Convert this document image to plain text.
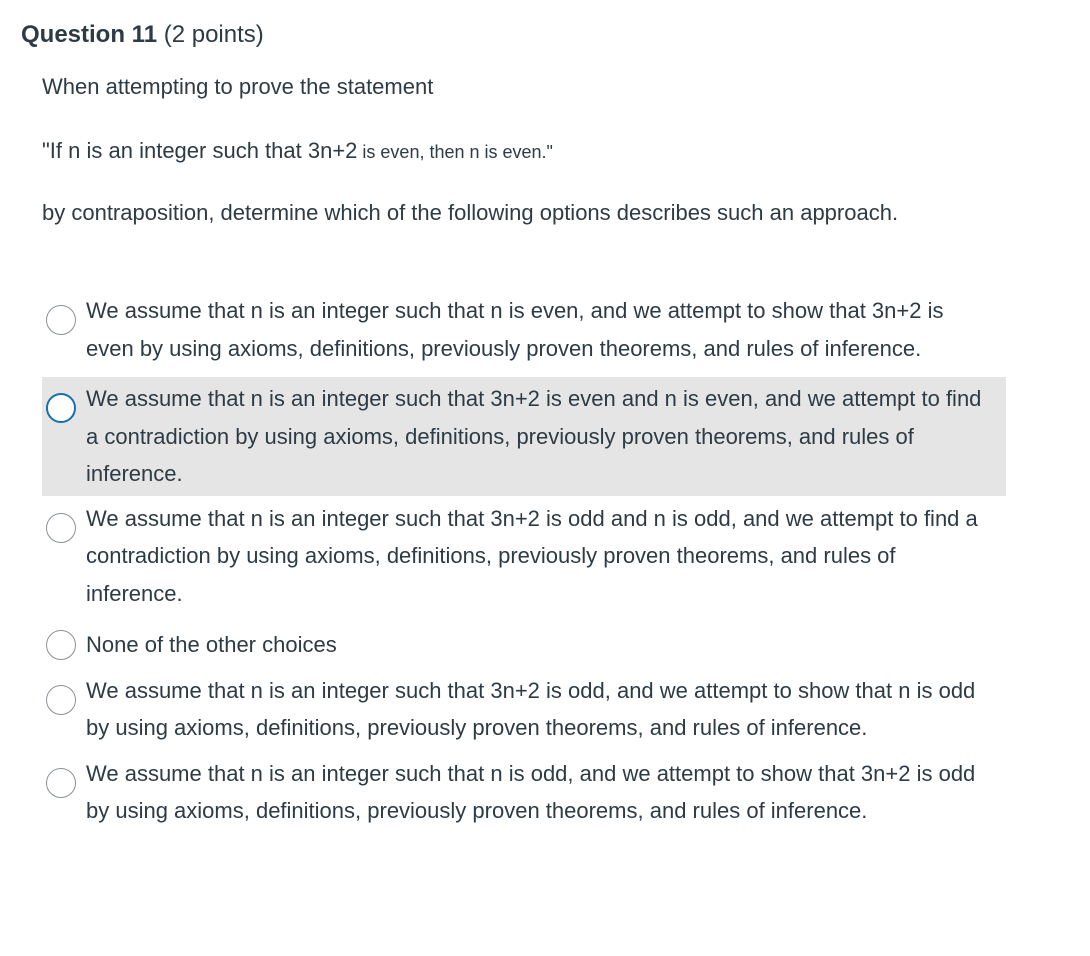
Question 11 (2 points)
When attempting to prove the statement
"If n is an integer such that 3n+2 is even, then n is even."
by contraposition, determine which of the following options describes such an approach.
We assume that n is an integer such that n is even, and we attempt to show that 3n+2 is even by using axioms, definitions, previously proven theorems, and rules of inference.
We assume that n is an integer such that 3n+2 is even and n is even, and we attempt to find a contradiction by using axioms, definitions, previously proven theorems, and rules of inference.
We assume that n is an integer such that 3n+2 is odd and n is odd, and we attempt to find a contradiction by using axioms, definitions, previously proven theorems, and rules of inference.
None of the other choices
We assume that n is an integer such that 3n+2 is odd, and we attempt to show that n is odd by using axioms, definitions, previously proven theorems, and rules of inference.
We assume that n is an integer such that n is odd, and we attempt to show that 3n+2 is odd by using axioms, definitions, previously proven theorems, and rules of inference.
